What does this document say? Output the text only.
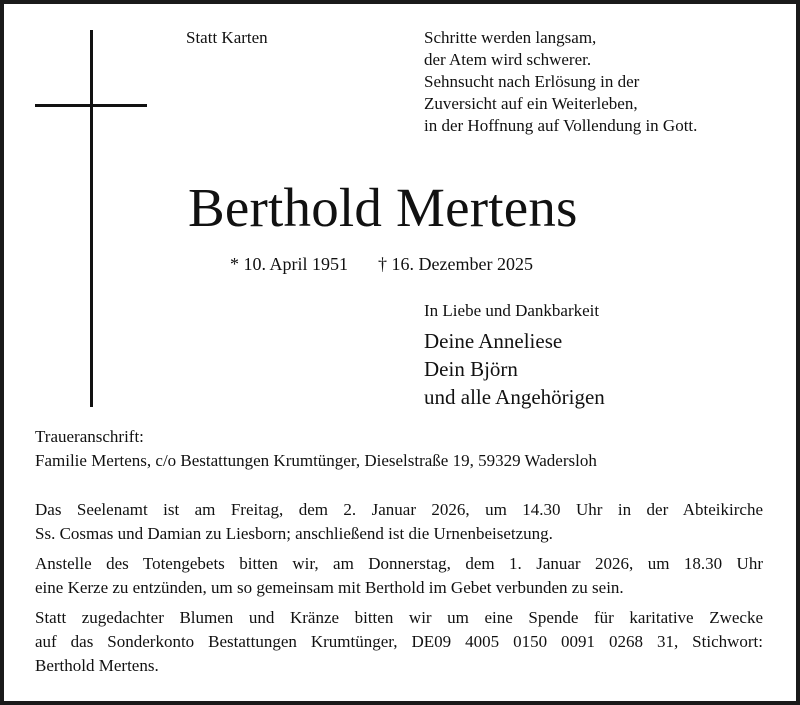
Statt Karten	Schritte werden langsam,
der Atem wird schwerer.
Sehnsucht nach Erlösung in der
Zuversicht auf ein Weiterleben,
in der Hoffnung auf Vollendung in Gott.
Berthold Mertens
* 10. April 1951 † 16. Dezember 2025
In Liebe und Dankbarkeit
Deine Anneliese
Dein Björn
und alle Angehörigen
Traueranschrift:
Familie Mertens, c/o Bestattungen Krumtünger, Dieselstraße 19, 59329 Wadersloh

Das Seelenamt ist am Freitag, dem 2. Januar 2026, um 14.30 Uhr in der Abteikirche
Ss. Cosmas und Damian zu Liesborn; anschließend ist die Urnenbeisetzung.

Anstelle des Totengebets bitten wir, am Donnerstag, dem 1. Januar 2026, um 18.30 Uhr
eine Kerze zu entzünden, um so gemeinsam mit Berthold im Gebet verbunden zu sein.

Statt zugedachter Blumen und Kränze bitten wir um eine Spende für karitative Zwecke
auf das Sonderkonto Bestattungen Krumtünger, DE09 4005 0150 0091 0268 31, Stichwort:
Berthold Mertens.
